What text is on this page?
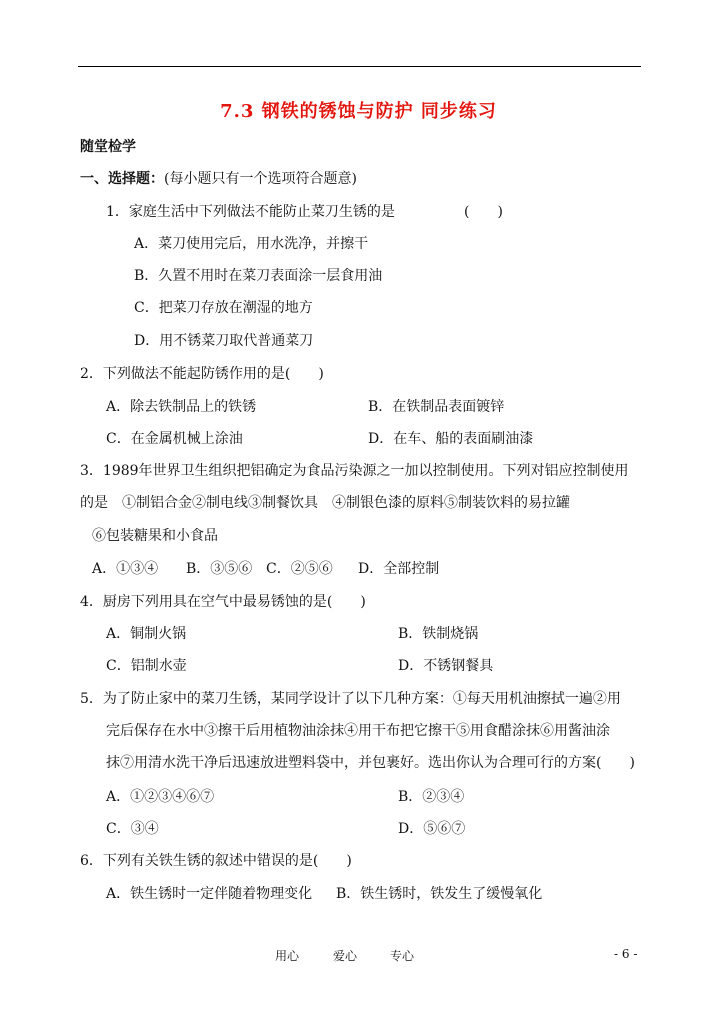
7.3 钢铁的锈蚀与防护 同步练习
随堂检学
一、选择题：(每小题只有一个选项符合题意)
1．家庭生活中下列做法不能防止菜刀生锈的是	(　　)
A．菜刀使用完后，用水洗净，并擦干
B．久置不用时在菜刀表面涂一层食用油
C．把菜刀存放在潮湿的地方
D．用不锈菜刀取代普通菜刀
2．下列做法不能起防锈作用的是(　　)
A．除去铁制品上的铁锈	B．在铁制品表面镀锌
C．在金属机械上涂油	D．在车、船的表面刷油漆
3．1989年世界卫生组织把铝确定为食品污染源之一加以控制使用。下列对铝应控制使用
的是　①制铝合金②制电线③制餐饮具　④制银色漆的原料⑤制装饮料的易拉罐
⑥包装糖果和小食品
A．①③④ B．③⑤⑥ C．②⑤⑥ D．全部控制
4．厨房下列用具在空气中最易锈蚀的是(　　)
A．铜制火锅	B．铁制烧锅
C．铝制水壶	D．不锈钢餐具
5．为了防止家中的菜刀生锈，某同学设计了以下几种方案：①每天用机油擦拭一遍②用
完后保存在水中③擦干后用植物油涂抹④用干布把它擦干⑤用食醋涂抹⑥用酱油涂
抹⑦用清水洗干净后迅速放进塑料袋中，并包裹好。选出你认为合理可行的方案(　　)
A．①②③④⑥⑦	B．②③④
C．③④	D．⑤⑥⑦
6．下列有关铁生锈的叙述中错误的是(　　)
A．铁生锈时一定伴随着物理变化 B．铁生锈时，铁发生了缓慢氧化
用心	爱心	专心	- 6 -
